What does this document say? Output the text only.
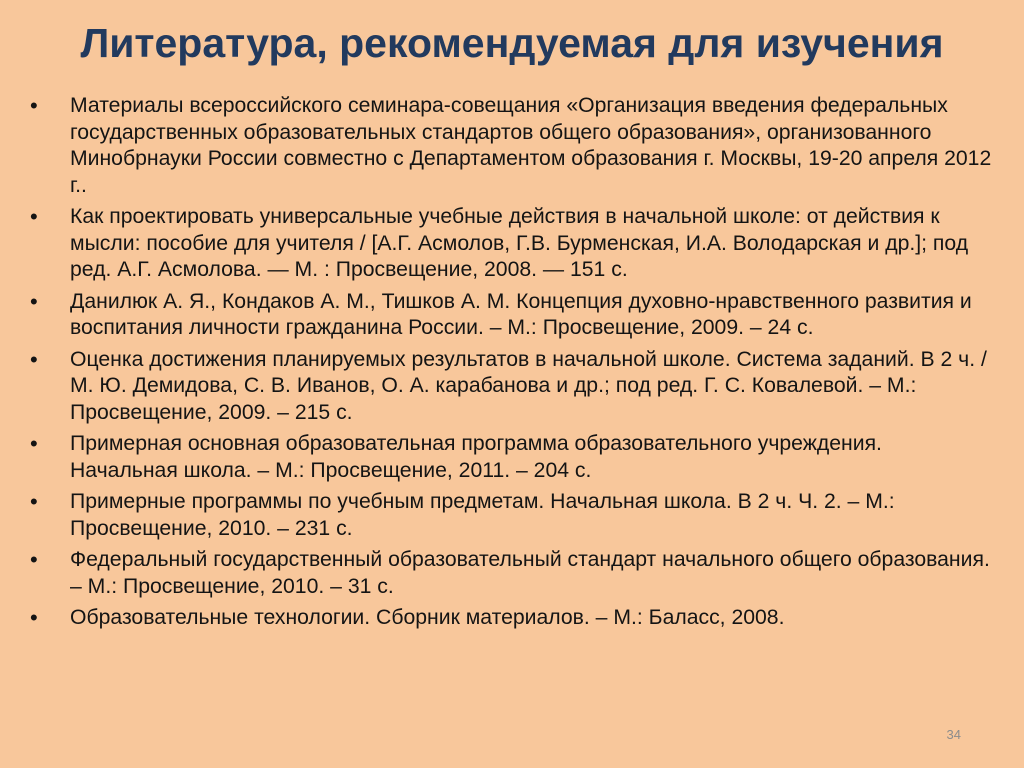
Литература, рекомендуемая для изучения
•	Материалы всероссийского семинара-совещания «Организация введения федеральных государственных образовательных стандартов общего образования», организованного Минобрнауки России совместно с Департаментом образования г. Москвы, 19-20 апреля 2012 г..
•	Как проектировать универсальные учебные действия в начальной школе: от действия к мысли: пособие для учителя / [А.Г. Асмолов, Г.В. Бурменская, И.А. Володарская и др.]; под ред. А.Г. Асмолова. — М. : Просвещение, 2008. — 151 с.
•	Данилюк А. Я., Кондаков А. М., Тишков А. М. Концепция духовно-нравственного развития и воспитания личности гражданина России. – М.: Просвещение, 2009. – 24 с.
•	Оценка достижения планируемых результатов в начальной школе. Система заданий. В 2 ч. / М. Ю. Демидова, С. В. Иванов, О. А. карабанова и др.; под ред. Г. С. Ковалевой. – М.: Просвещение, 2009. – 215 с.
•	Примерная основная образовательная программа образовательного учреждения. Начальная школа. – М.: Просвещение, 2011. – 204 с.
•	Примерные программы по учебным предметам. Начальная школа. В 2 ч. Ч. 2. – М.: Просвещение, 2010. – 231 с.
•	Федеральный государственный образовательный стандарт начального общего образования. – М.: Просвещение, 2010. – 31 с.
•	Образовательные технологии. Сборник материалов. – М.: Баласс, 2008.
34
